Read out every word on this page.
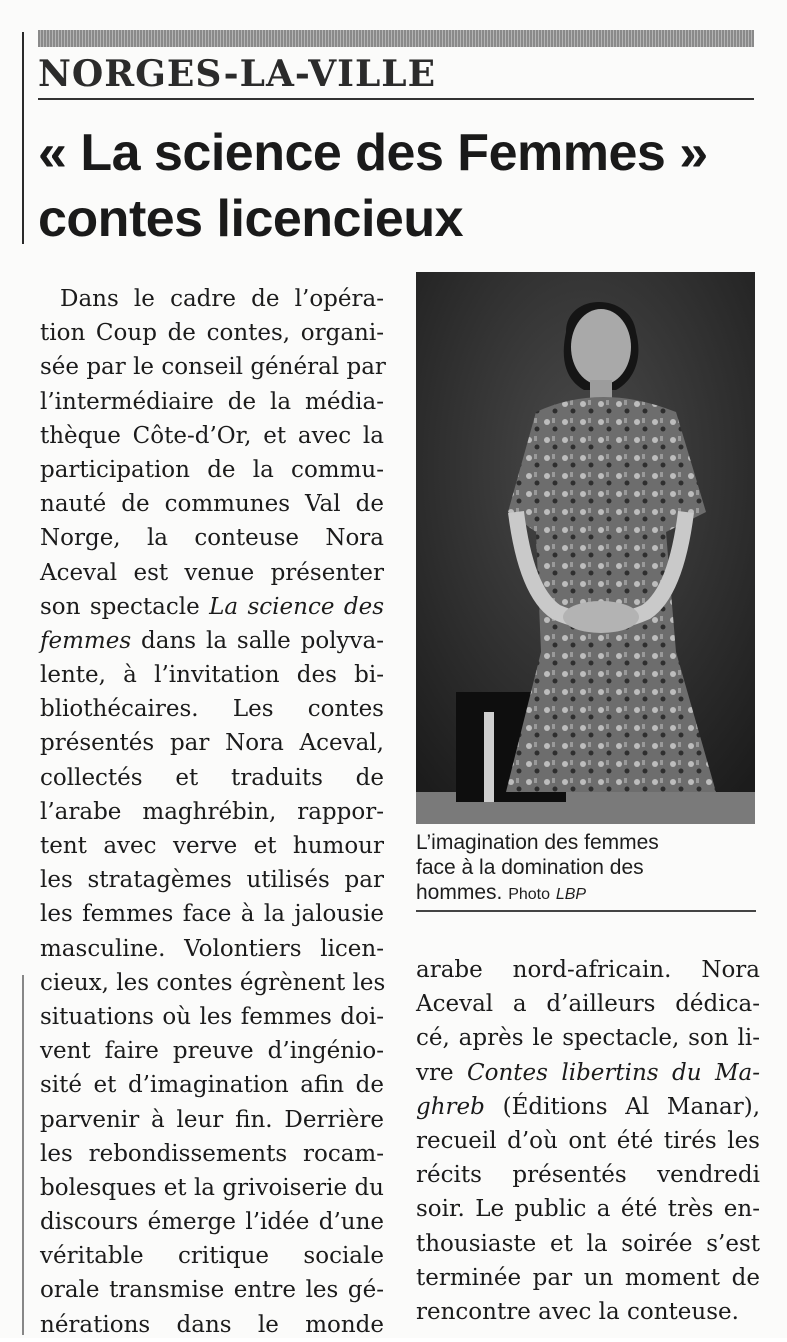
NORGES-LA-VILLE
« La science des Femmes »
contes licencieux
Dans le cadre de l’opéra-
tion Coup de contes, organi-
sée par le conseil général par
l’intermédiaire de la média-
thèque Côte-d’Or, et avec la
participation de la commu-
nauté de communes Val de
Norge, la conteuse Nora
Aceval est venue présenter
son spectacle La science des
femmes dans la salle polyva-
lente, à l’invitation des bi-
bliothécaires. Les contes
présentés par Nora Aceval,
collectés et traduits de
l’arabe maghrébin, rappor-
tent avec verve et humour
les stratagèmes utilisés par
les femmes face à la jalousie
masculine. Volontiers licen-
cieux, les contes égrènent les
situations où les femmes doi-
vent faire preuve d’ingénio-
sité et d’imagination afin de
parvenir à leur fin. Derrière
les rebondissements rocam-
bolesques et la grivoiserie du
discours émerge l’idée d’une
véritable critique sociale
orale transmise entre les gé-
nérations dans le monde
L’imagination des femmes
face à la domination des
hommes. Photo LBP
arabe nord-africain. Nora
Aceval a d’ailleurs dédica-
cé, après le spectacle, son li-
vre Contes libertins du Ma-
ghreb (Éditions Al Manar),
recueil d’où ont été tirés les
récits présentés vendredi
soir. Le public a été très en-
thousiaste et la soirée s’est
terminée par un moment de
rencontre avec la conteuse.
